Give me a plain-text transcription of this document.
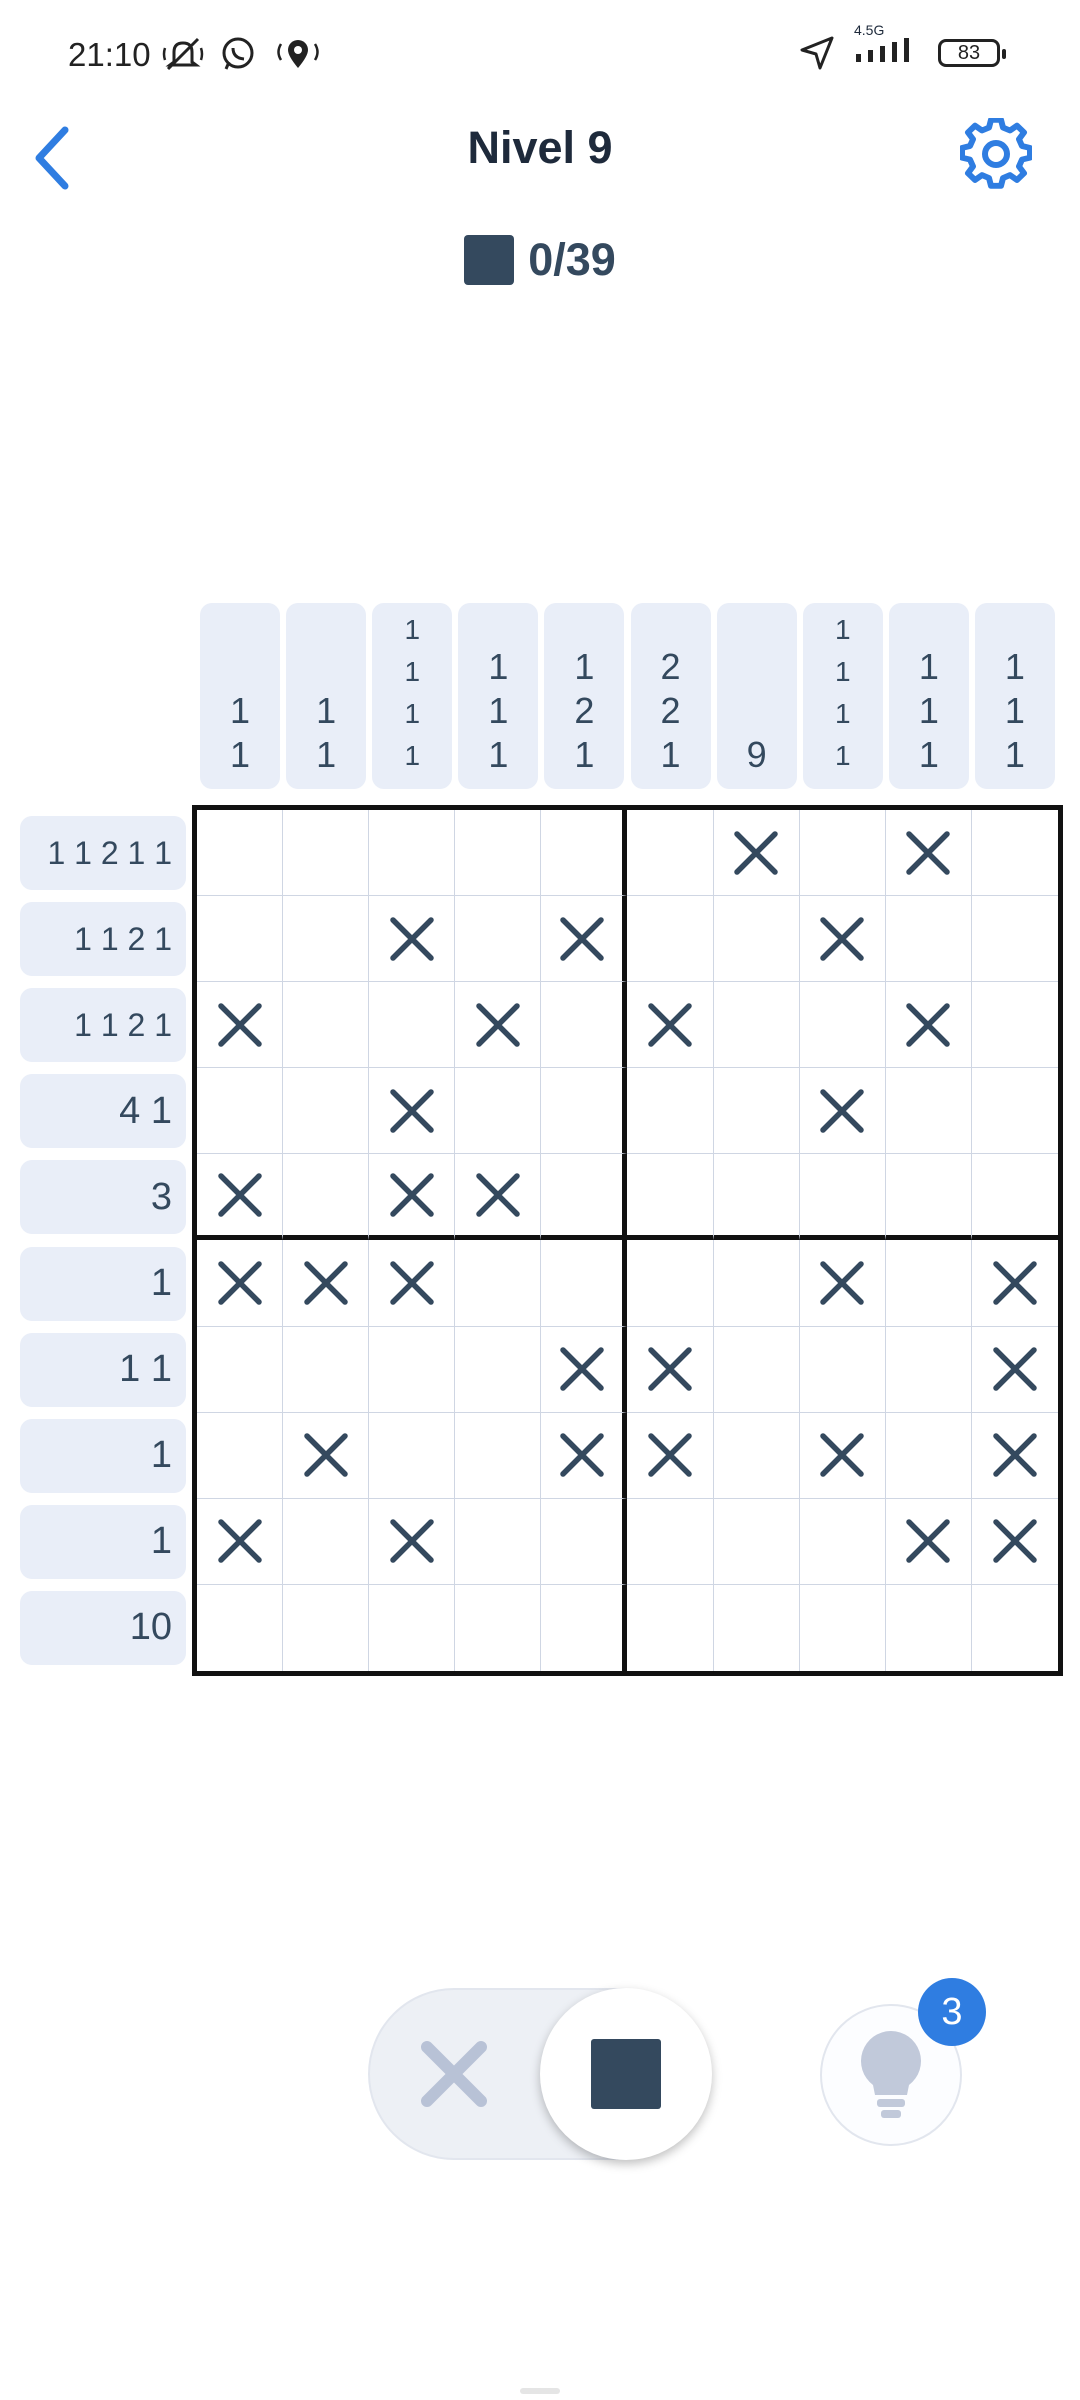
21:10
4.5G
83
Nivel 9
0/39
1
1
1
1
1
1
1
1
1
1
1
1
2
1
2
2
1 9
1
1
1
1
1
1
1
1
1
1
1 1 2 1 1
1 1 2 1
1 1 2 1
4 1
3
1
1 1
1
1
10
3
